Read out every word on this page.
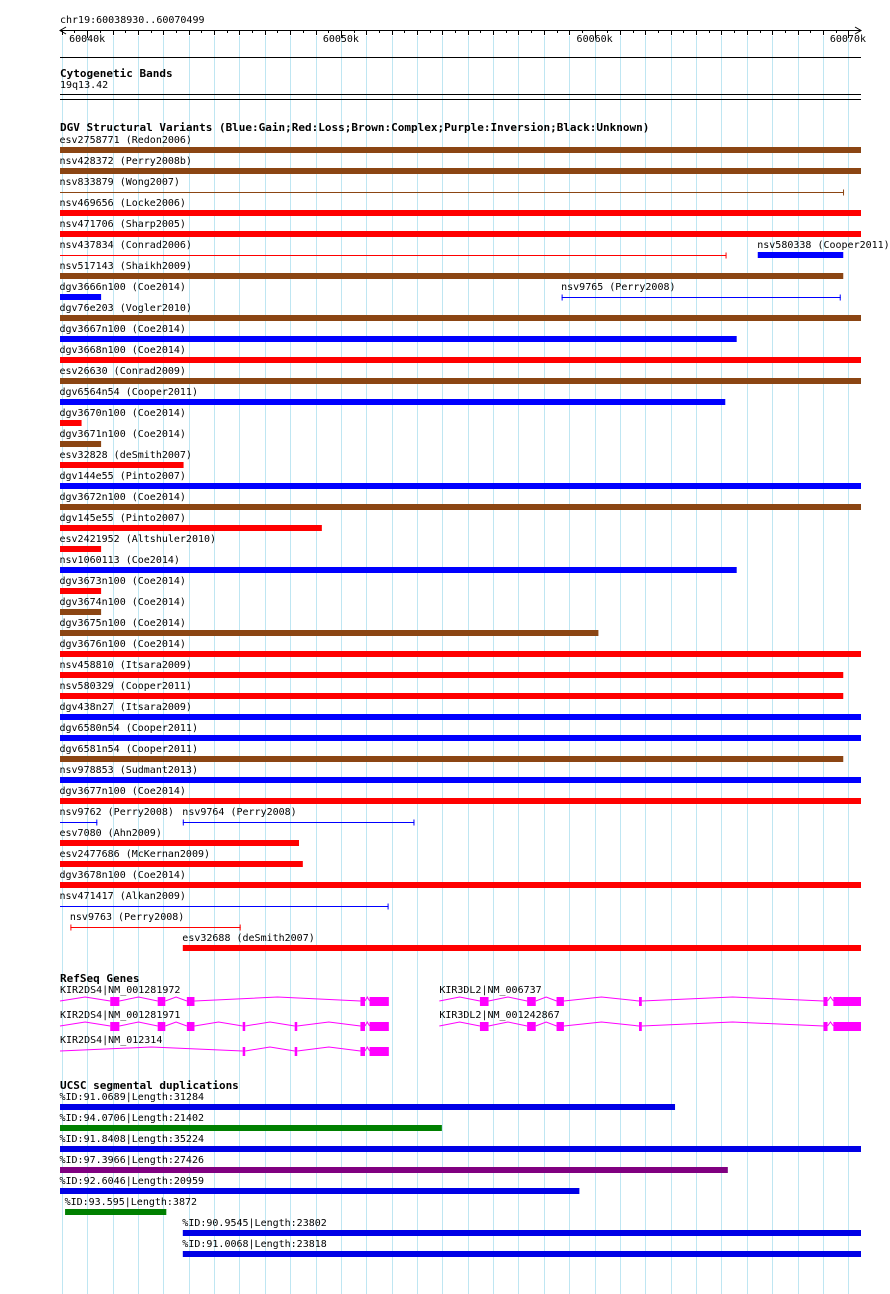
chr19:60038930..60070499
60040k	60050k	60060k	60070k
Cytogenetic Bands
19q13.42
DGV Structural Variants (Blue:Gain;Red:Loss;Brown:Complex;Purple:Inversion;Black:Unknown)
RefSeq Genes
UCSC segmental duplications
esv2758771 (Redon2006)
nsv428372 (Perry2008b)
nsv833879 (Wong2007)
nsv469656 (Locke2006)
nsv471706 (Sharp2005)
nsv437834 (Conrad2006)	nsv580338 (Cooper2011)
nsv517143 (Shaikh2009)
dgv3666n100 (Coe2014)	nsv9765 (Perry2008)
dgv76e203 (Vogler2010)
dgv3667n100 (Coe2014)
dgv3668n100 (Coe2014)
esv26630 (Conrad2009)
dgv6564n54 (Cooper2011)
dgv3670n100 (Coe2014)
dgv3671n100 (Coe2014)
esv32828 (deSmith2007)
dgv144e55 (Pinto2007)
dgv3672n100 (Coe2014)
dgv145e55 (Pinto2007)
esv2421952 (Altshuler2010)
nsv1060113 (Coe2014)
dgv3673n100 (Coe2014)
dgv3674n100 (Coe2014)
dgv3675n100 (Coe2014)
dgv3676n100 (Coe2014)
nsv458810 (Itsara2009)
nsv580329 (Cooper2011)
dgv438n27 (Itsara2009)
dgv6580n54 (Cooper2011)
dgv6581n54 (Cooper2011)
nsv978853 (Sudmant2013)
dgv3677n100 (Coe2014)
nsv9762 (Perry2008) nsv9764 (Perry2008)
esv7080 (Ahn2009)
esv2477686 (McKernan2009)
dgv3678n100 (Coe2014)
nsv471417 (Alkan2009)
nsv9763 (Perry2008)
esv32688 (deSmith2007)
KIR2DS4|NM_001281972	KIR3DL2|NM_006737
KIR2DS4|NM_001281971	KIR3DL2|NM_001242867
KIR2DS4|NM_012314
%ID:91.0689|Length:31284
%ID:94.0706|Length:21402
%ID:91.8408|Length:35224
%ID:97.3966|Length:27426
%ID:92.6046|Length:20959
%ID:93.595|Length:3872
%ID:90.9545|Length:23802
%ID:91.0068|Length:23818
